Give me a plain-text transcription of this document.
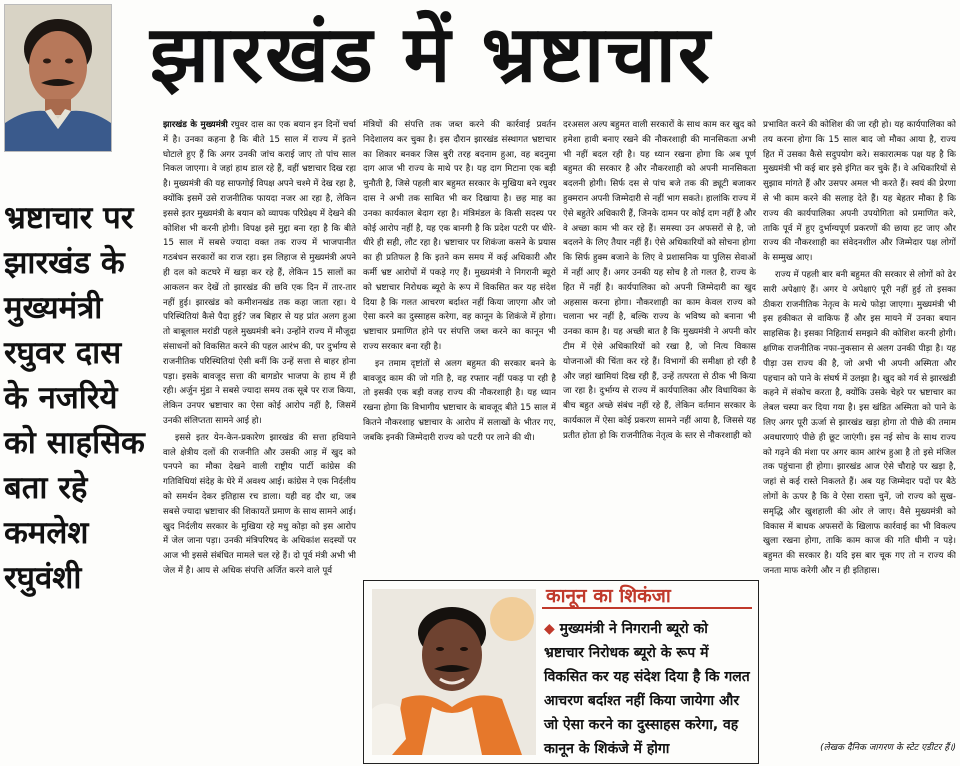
झारखंड में भ्रष्टाचार
भ्रष्टाचार पर झारखंड के मुख्यमंत्री रघुवर दास के नजरिये को साहसिक बता रहे
कमलेश रघुवंशी

झारखंड के मुख्यमंत्री रघुवर दास का एक बयान इन दिनों चर्चा में है। उनका कहना है कि बीते 15 साल में राज्य में इतने घोटाले हुए हैं कि अगर उनकी जांच कराई जाए तो पांच साल निकल जाएगा। वे जहां हाथ डाल रहे हैं, वहीं भ्रष्टाचार दिख रहा है। मुख्यमंत्री की यह साफगोई विपक्ष अपने चश्मे में देख रहा है, क्योंकि इसमें उसे राजनीतिक फायदा नजर आ रहा है, लेकिन इससे इतर मुख्यमंत्री के बयान को व्यापक परिप्रेक्ष्य में देखने की कोशिश भी करनी होगी। विपक्ष इसे मुद्दा बना रहा है कि बीते 15 साल में सबसे ज्यादा वक्त तक राज्य में भाजपानीत गठबंधन सरकारों का राज रहा। इस लिहाज से मुख्यमंत्री अपने ही दल को कटघरे में खड़ा कर रहे हैं, लेकिन 15 सालों का आकलन कर देखें तो झारखंड की छवि एक दिन में तार-तार नहीं हुई। झारखंड को कमीशनखंड तक कहा जाता रहा। ये परिस्थितियां कैसे पैदा हुई? जब बिहार से यह प्रांत अलग हुआ तो बाबूलाल मरांडी पहले मुख्यमंत्री बने। उन्होंने राज्य में मौजूदा संसाधनों को विकसित करने की पहल आरंभ की, पर दुर्भाग्य से राजनीतिक परिस्थितियां ऐसी बनीं कि उन्हें सत्ता से बाहर होना पड़ा। इसके बावजूद सत्ता की बागडोर भाजपा के हाथ में ही रही। अर्जुन मुंडा ने सबसे ज्यादा समय तक सूबे पर राज किया, लेकिन उनपर भ्रष्टाचार का ऐसा कोई आरोप नहीं है, जिसमें उनकी संलिप्तता सामने आई हो।

इससे इतर येन-केन-प्रकारेण झारखंड की सत्ता हथियाने वाले क्षेत्रीय दलों की राजनीति और उसकी आड़ में खुद को पनपने का मौका देखने वाली राष्ट्रीय पार्टी कांग्रेस की गतिविधियां संदेह के घेरे में अवश्य आई। कांग्रेस ने एक निर्दलीय को समर्थन देकर इतिहास रच डाला। यही वह दौर था, जब सबसे ज्यादा भ्रष्टाचार की शिकायतें प्रमाण के साथ सामने आई। खुद निर्दलीय सरकार के मुखिया रहे मधु कोड़ा को इस आरोप में जेल जाना पड़ा। उनकी मंत्रिपरिषद के अधिकांश सदस्यों पर आज भी इससे संबंधित मामले चल रहे हैं। दो पूर्व मंत्री अभी भी जेल में है। आय से अधिक संपत्ति अर्जित करने वाले पूर्व

मंत्रियों की संपत्ति तक जब्त करने की कार्रवाई प्रवर्तन निदेशालय कर चुका है। इस दौरान झारखंड संस्थागत भ्रष्टाचार का शिकार बनकर जिस बुरी तरह बदनाम हुआ, वह बदनुमा दाग आज भी राज्य के माथे पर है। यह दाग मिटाना एक बड़ी चुनौती है, जिसे पहली बार बहुमत सरकार के मुखिया बने रघुवर दास ने अभी तक साबित भी कर दिखाया है। छह माह का उनका कार्यकाल बेदाग रहा है। मंत्रिमंडल के किसी सदस्य पर कोई आरोप नहीं है, यह एक बानगी है कि प्रदेश पटरी पर धीरे-धीरे ही सही, लौट रहा है। भ्रष्टाचार पर शिकंजा कसने के प्रयास का ही प्रतिफल है कि इतने कम समय में कई अधिकारी और कर्मी भ्रष्ट आरोपों में पकड़े गए हैं। मुख्यमंत्री ने निगरानी ब्यूरो को भ्रष्टाचार निरोधक ब्यूरो के रूप में विकसित कर यह संदेश दिया है कि गलत आचरण बर्दाश्त नहीं किया जाएगा और जो ऐसा करने का दुस्साहस करेगा, वह कानून के शिकंजे में होगा। भ्रष्टाचार प्रमाणित होने पर संपत्ति जब्त करने का कानून भी राज्य सरकार बना रही है।

इन तमाम दृष्टांतों से अलग बहुमत की सरकार बनने के बावजूद काम की जो गति है, वह रफ्तार नहीं पकड़ पा रही है तो इसकी एक बड़ी वजह राज्य की नौकरशाही है। यह ध्यान रखना होगा कि विभागीय भ्रष्टाचार के बावजूद बीते 15 साल में कितने नौकरशाह भ्रष्टाचार के आरोप में सलाखों के भीतर गए, जबकि इनकी जिम्मेदारी राज्य को पटरी पर लाने की थी।

दरअसल अल्प बहुमत वाली सरकारों के साथ काम कर खुद को हमेशा हावी बनाए रखने की नौकरशाही की मानसिकता अभी भी नहीं बदल रही है। यह ध्यान रखना होगा कि अब पूर्ण बहुमत की सरकार है और नौकरशाही को अपनी मानसिकता बदलनी होगी। सिर्फ दस से पांच बजे तक की ड्यूटी बजाकर हुक्मरान अपनी जिम्मेदारी से नहीं भाग सकते। हालांकि राज्य में ऐसे बहुतेरे अधिकारी हैं, जिनके दामन पर कोई दाग नहीं है और वे अच्छा काम भी कर रहे हैं। समस्या उन अफसरों से है, जो बदलने के लिए तैयार नहीं हैं। ऐसे अधिकारियों को सोचना होगा कि सिर्फ हुक्म बजाने के लिए वे प्रशासनिक या पुलिस सेवाओं में नहीं आए हैं। अगर उनकी यह सोच है तो गलत है, राज्य के हित में नहीं है। कार्यपालिका को अपनी जिम्मेदारी का खुद अहसास करना होगा। नौकरशाही का काम केवल राज्य को चलाना भर नहीं है, बल्कि राज्य के भविष्य को बनाना भी उनका काम है। यह अच्छी बात है कि मुख्यमंत्री ने अपनी कोर टीम में ऐसे अधिकारियों को रखा है, जो नित्य विकास योजनाओं की चिंता कर रहे हैं। विभागों की समीक्षा हो रही है और जहां खामियां दिख रही हैं, उन्हें तत्परता से ठीक भी किया जा रहा है। दुर्भाग्य से राज्य में कार्यपालिका और विधायिका के बीच बहुत अच्छे संबंध नहीं रहे हैं, लेकिन वर्तमान सरकार के कार्यकाल में ऐसा कोई प्रकरण सामने नहीं आया है, जिससे यह प्रतीत होता हो कि राजनीतिक नेतृत्व के स्तर से नौकरशाही को

प्रभावित करने की कोशिश की जा रही हो। यह कार्यपालिका को तय करना होगा कि 15 साल बाद जो मौका आया है, राज्य हित में उसका कैसे सदुपयोग करे। सकारात्मक पक्ष यह है कि मुख्यमंत्री भी कई बार इसे इंगित कर चुके हैं। वे अधिकारियों से सुझाव मांगते हैं और उसपर अमल भी करते हैं। स्वयं की प्रेरणा से भी काम करने की सलाह देते हैं। यह बेहतर मौका है कि राज्य की कार्यपालिका अपनी उपयोगिता को प्रमाणित करे, ताकि पूर्व में हुए दुर्भाग्यपूर्ण प्रकरणों की छाया हट जाए और राज्य की नौकरशाही का संवेदनशील और जिम्मेदार पक्ष लोगों के सम्मुख आए।

राज्य में पहली बार बनी बहुमत की सरकार से लोगों को ढेर सारी अपेक्षाएं हैं। अगर ये अपेक्षाएं पूरी नहीं हुई तो इसका ठीकरा राजनीतिक नेतृत्व के मत्थे फोड़ा जाएगा। मुख्यमंत्री भी इस हकीकत से वाकिफ हैं और इस मायने में उनका बयान साहसिक है। इसका निहितार्थ समझने की कोशिश करनी होगी। क्षणिक राजनीतिक नफा-नुकसान से अलग उनकी पीड़ा है। यह पीड़ा उस राज्य की है, जो अभी भी अपनी अस्मिता और पहचान को पाने के संघर्ष में उलझा है। खुद को गर्व से झारखंडी कहने में संकोच करता है, क्योंकि उसके चेहरे पर भ्रष्टाचार का लेबल चस्पा कर दिया गया है। इस खंडित अस्मिता को पाने के लिए अगर पूरी ऊर्जा से झारखंड खड़ा होगा तो पीछे की तमाम अवधारणाएं पीछे ही छूट जाएंगी। इस नई सोच के साथ राज्य को गढ़ने की मंशा पर अगर काम आरंभ हुआ है तो इसे मंजिल तक पहुंचाना ही होगा। झारखंड आज ऐसे चौराहे पर खड़ा है, जहां से कई रास्ते निकलते हैं। अब यह जिम्मेदार पदों पर बैठे लोगों के ऊपर है कि वे ऐसा रास्ता चुनें, जो राज्य को सुख-समृद्धि और खुशहाली की ओर ले जाए। वैसे मुख्यमंत्री को विकास में बाधक अफसरों के खिलाफ कार्रवाई का भी विकल्प खुला रखना होगा, ताकि काम काज की गति धीमी न पड़े। बहुमत की सरकार है। यदि इस बार चूक गए तो न राज्य की जनता माफ करेगी और न ही इतिहास।

(लेखक दैनिक जागरण के स्टेट एडीटर हैं।)
कानून का शिकंजा
◆ मुख्यमंत्री ने निगरानी ब्यूरो को भ्रष्टाचार निरोधक ब्यूरो के रूप में विकसित कर यह संदेश दिया है कि गलत आचरण बर्दाश्त नहीं किया जायेगा और जो ऐसा करने का दुस्साहस करेगा, वह कानून के शिकंजे में होगा
